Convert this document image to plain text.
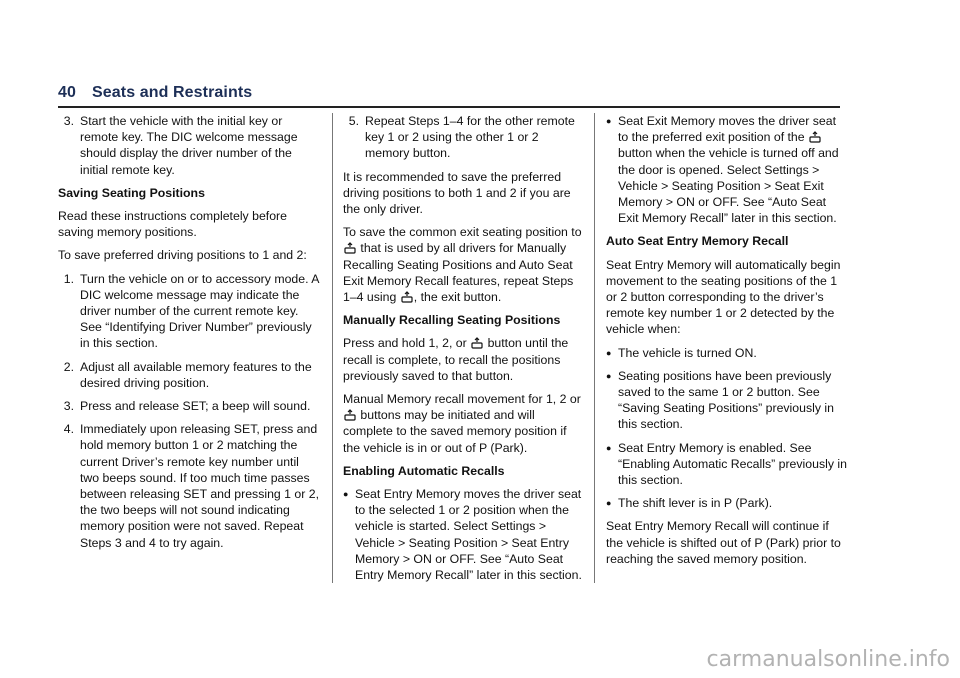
40 Seats and Restraints
3. Start the vehicle with the initial key or remote key. The DIC welcome message should display the driver number of the initial remote key.
Saving Seating Positions

Read these instructions completely before saving memory positions.

To save preferred driving positions to 1 and 2:

1. Turn the vehicle on or to accessory mode. A DIC welcome message may indicate the driver number of the current remote key. See “Identifying Driver Number” previously in this section.
2. Adjust all available memory features to the desired driving position.
3. Press and release SET; a beep will sound.
4. Immediately upon releasing SET, press and hold memory button 1 or 2 matching the current Driver’s remote key number until two beeps sound. If too much time passes between releasing SET and pressing 1 or 2, the two beeps will not sound indicating memory position were not saved. Repeat Steps 3 and 4 to try again.
5. Repeat Steps 1–4 for the other remote key 1 or 2 using the other 1 or 2 memory button.

It is recommended to save the preferred driving positions to both 1 and 2 if you are the only driver.

To save the common exit seating position to  that is used by all drivers for Manually Recalling Seating Positions and Auto Seat Exit Memory Recall features, repeat Steps 1–4 using , the exit button.

Manually Recalling Seating Positions

Press and hold 1, 2, or button until the recall is complete, to recall the positions previously saved to that button.

Manual Memory recall movement for 1, 2 or  buttons may be initiated and will complete to the saved memory position if the vehicle is in or out of P (Park).

Enabling Automatic Recalls
● Seat Entry Memory moves the driver seat to the selected 1 or 2 position when the vehicle is started. Select Settings > Vehicle > Seating Position > Seat Entry Memory > ON or OFF. See “Auto Seat Entry Memory Recall” later in this section.
● Seat Exit Memory moves the driver seat to the preferred exit position of the  button when the vehicle is turned off and the door is opened. Select Settings > Vehicle > Seating Position > Seat Exit Memory > ON or OFF. See “Auto Seat Exit Memory Recall” later in this section.
Auto Seat Entry Memory Recall

Seat Entry Memory will automatically begin movement to the seating positions of the 1 or 2 button corresponding to the driver’s remote key number 1 or 2 detected by the vehicle when:

● The vehicle is turned ON.
● Seating positions have been previously saved to the same 1 or 2 button. See “Saving Seating Positions” previously in this section.
● Seat Entry Memory is enabled. See “Enabling Automatic Recalls” previously in this section.
● The shift lever is in P (Park).

Seat Entry Memory Recall will continue if the vehicle is shifted out of P (Park) prior to reaching the saved memory position.

carmanualsonline.info
